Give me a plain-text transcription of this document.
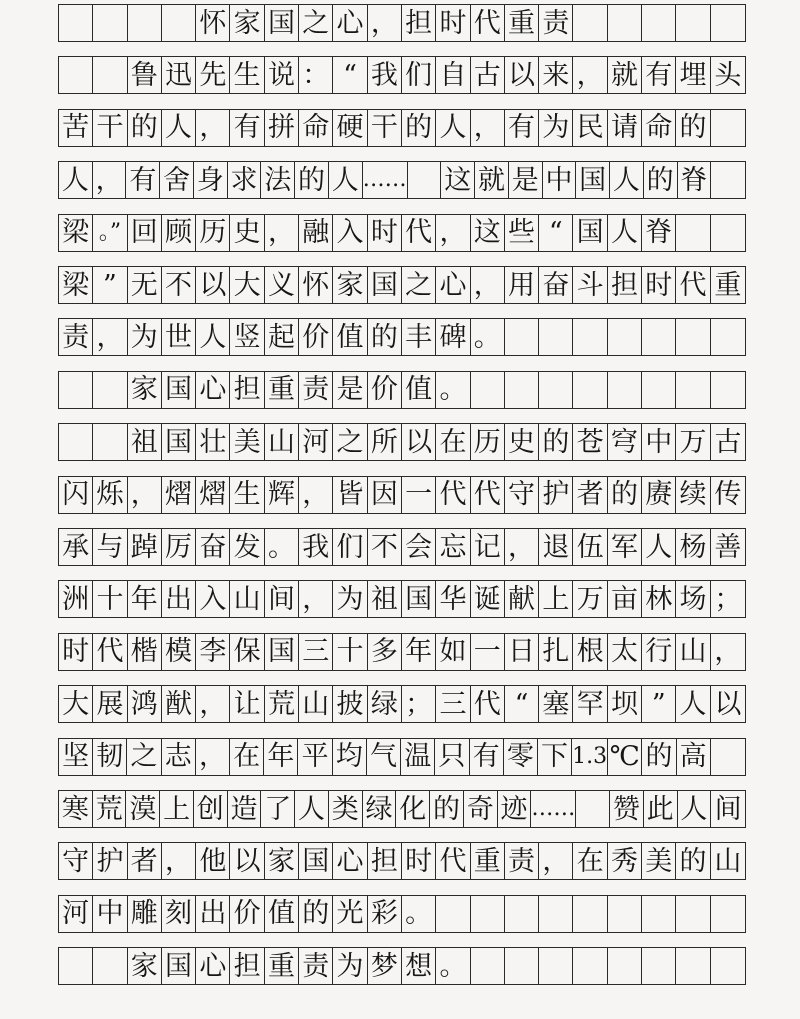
怀 家 国 之 心 ， 担 时 代 重 责
鲁 迅 先 生 说 ： “ 我 们 自 古 以 来 ， 就 有 埋 头
苦 干 的 人 ， 有 拼 命 硬 干 的 人 ， 有 为 民 请 命 的
人 ， 有 舍 身 求 法 的 人 …… 这 就 是 中 国 人 的 脊
梁 。” 回 顾 历 史 ， 融 入 时 代 ， 这 些 “ 国 人 脊
梁 ” 无 不 以 大 义 怀 家 国 之 心 ， 用 奋 斗 担 时 代 重
责 ， 为 世 人 竖 起 价 值 的 丰 碑 。
家 国 心 担 重 责 是 价 值 。
祖 国 壮 美 山 河 之 所 以 在 历 史 的 苍 穹 中 万 古
闪 烁 ， 熠 熠 生 辉 ， 皆 因 一 代 代 守 护 者 的 赓 续 传
承 与 踔 厉 奋 发 。 我 们 不 会 忘 记 ， 退 伍 军 人 杨 善
洲 十 年 出 入 山 间 ， 为 祖 国 华 诞 献 上 万 亩 林 场 ；
时 代 楷 模 李 保 国 三 十 多 年 如 一 日 扎 根 太 行 山 ，
大 展 鸿 猷 ， 让 荒 山 披 绿 ； 三 代 “ 塞 罕 坝 ” 人 以
坚 韧 之 志 ， 在 年 平 均 气 温 只 有 零 下 1.3 ℃ 的 高
寒 荒 漠 上 创 造 了 人 类 绿 化 的 奇 迹 …… 赞 此 人 间
守 护 者 ， 他 以 家 国 心 担 时 代 重 责 ， 在 秀 美 的 山
河 中 雕 刻 出 价 值 的 光 彩 。
家 国 心 担 重 责 为 梦 想 。
